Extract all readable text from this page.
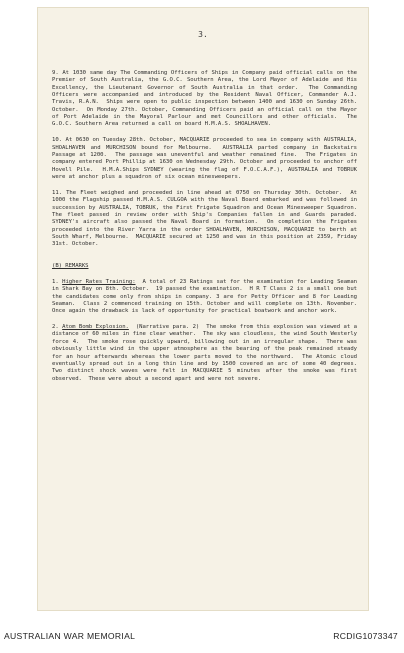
3.

9. At 1030 same day The Commanding Officers of Ships in Company paid official calls on the Premier of South Australia, the G.O.C. Southern Area, the Lord Mayor of Adelaide and His Excellency, the Lieutenant Governor of South Australia in that order.  The Commanding Officers were accompanied and introduced by the Resident Naval Officer, Commander A.J. Travis, R.A.N.  Ships were open to public inspection between 1400 and 1630 on Sunday 26th. October.  On Monday 27th. October, Commanding Officers paid an official call on the Mayor of Port Adelaide in the Mayoral Parlour and met Councillors and other officials.  The G.O.C. Southern Area returned a call on board H.M.A.S. SHOALHAVEN.

10. At 0630 on Tuesday 28th. October, MACQUARIE proceeded to sea in company with AUSTRALIA, SHOALHAVEN and MURCHISON bound for Melbourne.  AUSTRALIA parted company in Backstairs Passage at 1200.  The passage was uneventful and weather remained fine.  The Frigates in company entered Port Phillip at 1630 on Wednesday 29th. October and proceeded to anchor off Hovell Pile.  H.M.A.Ships SYDNEY (wearing the flag of F.O.C.A.F.), AUSTRALIA and TOBRUK were at anchor plus a squadron of six ocean minesweepers.

11. The Fleet weighed and proceeded in line ahead at 0750 on Thursday 30th. October.  At 1000 the Flagship passed H.M.A.S. CULGOA with the Naval Board embarked and was followed in succession by AUSTRALIA, TOBRUK, the First Frigate Squadron and Ocean Minesweeper Squadron.  The fleet passed in review order with Ship's Companies fallen in and Guards paraded.  SYDNEY's aircraft also passed the Naval Board in formation.  On completion the Frigates proceeded into the River Yarra in the order SHOALHAVEN, MURCHISON, MACQUARIE to berth at South Wharf, Melbourne.  MACQUARIE secured at 1250 and was in this position at 2359, Friday 31st. October.

(B) REMARKS

1. Higher Rates Training:  A total of 23 Ratings sat for the examination for Leading Seaman in Shark Bay on 8th. October.  19 passed the examination.  H R T Class 2 is a small one but the candidates come only from ships in company. 3 are for Petty Officer and 8 for Leading Seaman.  Class 2 commenced training on 15th. October and will complete on 13th. November.  Once again the drawback is lack of opportunity for practical boatwork and anchor work.

2. Atom Bomb Explosion.  (Narrative para. 2)  The smoke from this explosion was viewed at a distance of 60 miles in fine clear weather.  The sky was cloudless, the wind South Westerly force 4.  The smoke rose quickly upward, billowing out in an irregular shape.  There was obviously little wind in the upper atmosphere as the bearing of the peak remained steady for an hour afterwards whereas the lower parts moved to the northward.  The Atomic cloud eventually spread out in a long thin line and by 1500 covered an arc of some 40 degrees.  Two distinct shock waves were felt in MACQUARIE 5 minutes after the smoke was first observed.  These were about a second apart and were not severe.

AUSTRALIAN WAR MEMORIAL	RCDIG1073347
